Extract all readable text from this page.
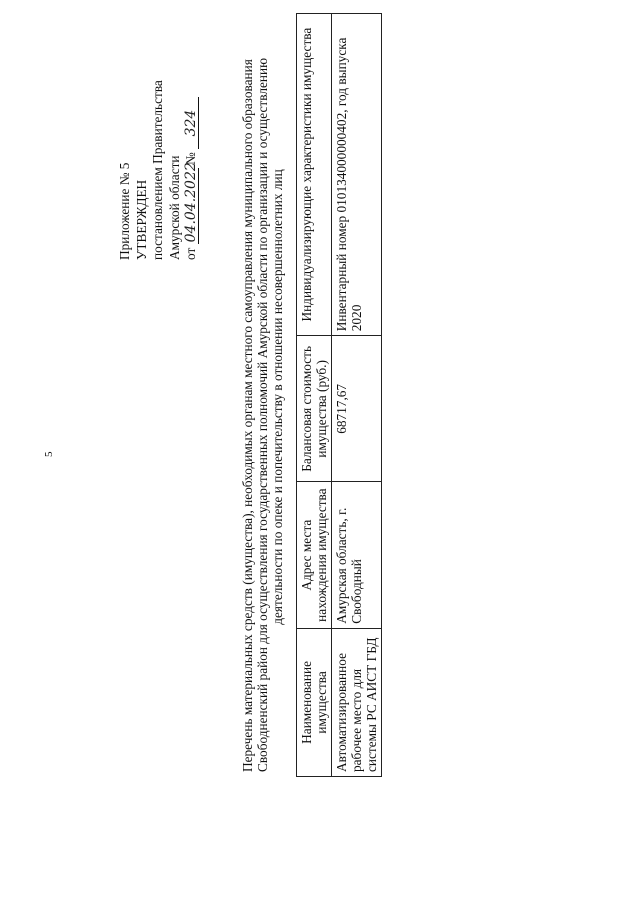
5
Приложение № 5 УТВЕРЖДЕН постановлением Правительства Амурской области от 04.04.2022 № 324	Перечень материальных средств (имущества), необходимых органам местного самоуправления муниципального образования Свободненский район для осуществления государственных полномочий Амурской области по организации и осуществлению деятельности по опеке и попечительству в отношении несовершеннолетних лиц

Наименование имущества	Адрес места нахождения имущества	Балансовая стоимость имущества (руб.)	Индивидуализирующие характеристики имущества
Автоматизированное рабочее место для системы РС АИСТ ГБД	Амурская область, г. Свободный	68717,67	Инвентарный номер 010134000000402, год выпуска 2020
